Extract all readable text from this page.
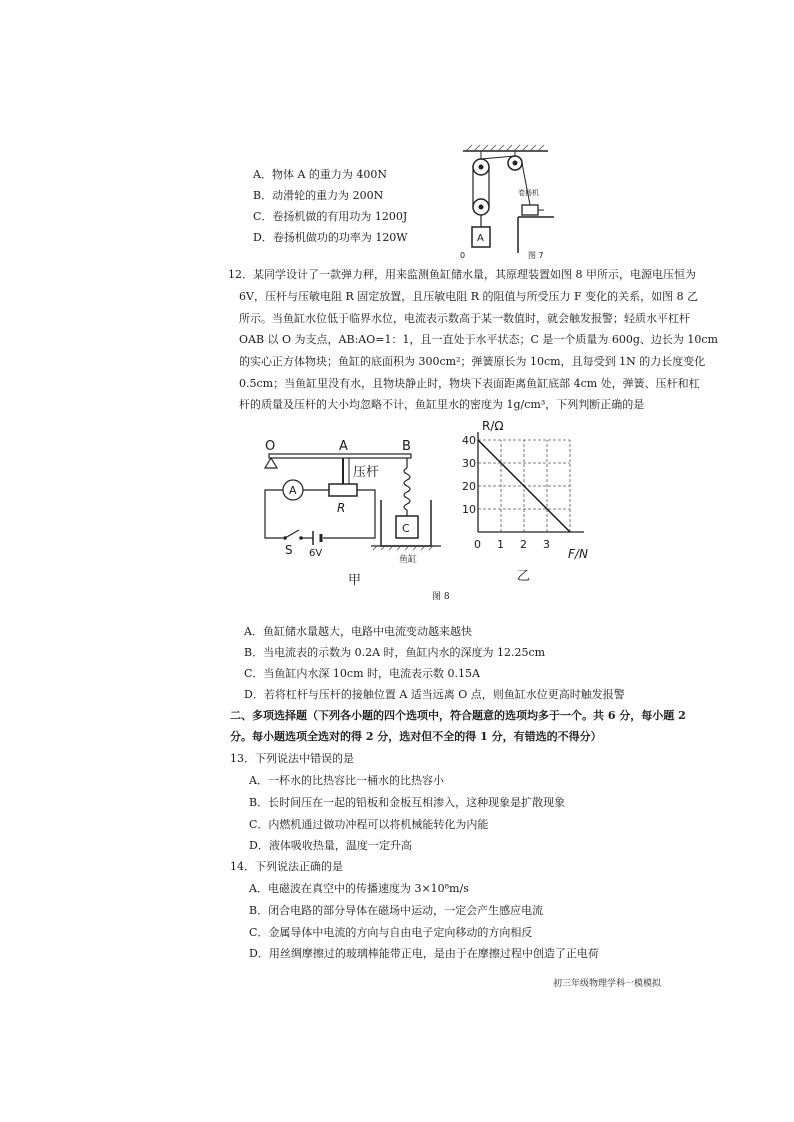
A．物体 A 的重力为 400N
B．动滑轮的重力为 200N
C．卷扬机做的有用功为 1200J
D．卷扬机做功的功率为 120W	A
0
卷扬机
图 7
12．某同学设计了一款弹力秤，用来监测鱼缸储水量，其原理装置如图 8 甲所示，电源电压恒为
6V，压杆与压敏电阻 R 固定放置，且压敏电阻 R 的阻值与所受压力 F 变化的关系，如图 8 乙
所示。当鱼缸水位低于临界水位，电流表示数高于某一数值时，就会触发报警；轻质水平杠杆
OAB 以 O 为支点，AB:AO=1：1，且一直处于水平状态；C 是一个质量为 600g、边长为 10cm
的实心正方体物块；鱼缸的底面积为 300cm²；弹簧原长为 10cm，且每受到 1N 的力长度变化
0.5cm；当鱼缸里没有水，且物块静止时，物块下表面距离鱼缸底部 4cm 处，弹簧、压杆和杠
杆的质量及压杆的大小均忽略不计，鱼缸里水的密度为 1g/cm³，下列判断正确的是
O	A	B
压杆
R
A
S 6V
C
鱼缸
甲
R/Ω
F/N
乙
10
20
30
40
0 1 2 3
图 8
A．鱼缸储水量越大，电路中电流变动越来越快
B．当电流表的示数为 0.2A 时，鱼缸内水的深度为 12.25cm
C．当鱼缸内水深 10cm 时，电流表示数 0.15A
D．若将杠杆与压杆的接触位置 A 适当远离 O 点，则鱼缸水位更高时触发报警
二、多项选择题（下列各小题的四个选项中，符合题意的选项均多于一个。共 6 分，每小题 2
分。每小题选项全选对的得 2 分，选对但不全的得 1 分，有错选的不得分）
13．下列说法中错误的是
A．一杯水的比热容比一桶水的比热容小
B．长时间压在一起的铅板和金板互相渗入，这种现象是扩散现象
C．内燃机通过做功冲程可以将机械能转化为内能
D．液体吸收热量，温度一定升高
14．下列说法正确的是
A．电磁波在真空中的传播速度为 3×10⁸m/s
B．闭合电路的部分导体在磁场中运动，一定会产生感应电流
C．金属导体中电流的方向与自由电子定向移动的方向相反
D．用丝绸摩擦过的玻璃棒能带正电，是由于在摩擦过程中创造了正电荷
初三年级物理学科一模模拟
